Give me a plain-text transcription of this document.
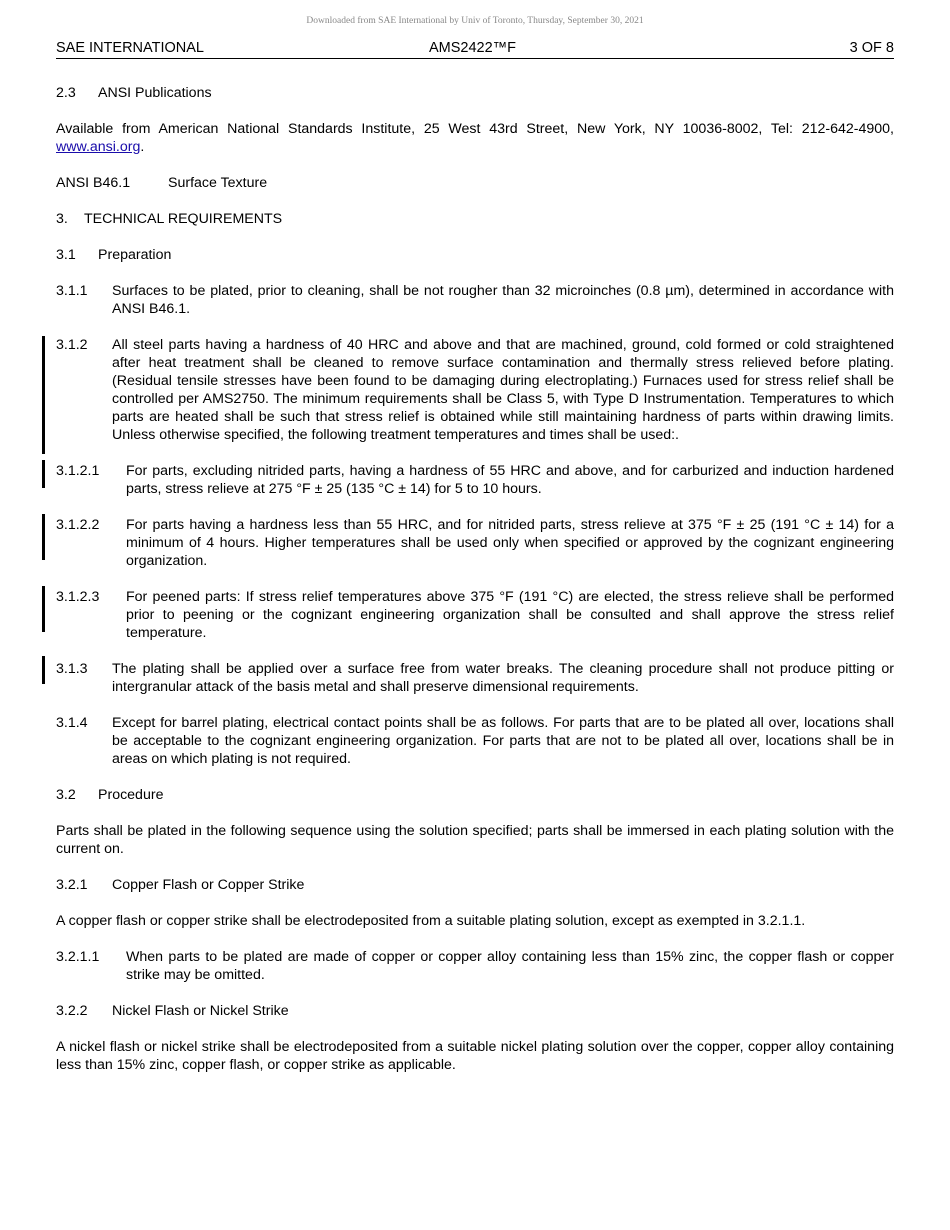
Downloaded from SAE International by Univ of Toronto, Thursday, September 30, 2021
SAE INTERNATIONAL	AMS2422™F	3 OF 8
2.3	ANSI Publications
Available from American National Standards Institute, 25 West 43rd Street, New York, NY 10036-8002, Tel: 212-642-4900, www.ansi.org.
ANSI B46.1	Surface Texture
3.	TECHNICAL REQUIREMENTS
3.1	Preparation
3.1.1	Surfaces to be plated, prior to cleaning, shall be not rougher than 32 microinches (0.8 µm), determined in accordance with ANSI B46.1.
3.1.2	All steel parts having a hardness of 40 HRC and above and that are machined, ground, cold formed or cold straightened after heat treatment shall be cleaned to remove surface contamination and thermally stress relieved before plating. (Residual tensile stresses have been found to be damaging during electroplating.) Furnaces used for stress relief shall be controlled per AMS2750. The minimum requirements shall be Class 5, with Type D Instrumentation. Temperatures to which parts are heated shall be such that stress relief is obtained while still maintaining hardness of parts within drawing limits. Unless otherwise specified, the following treatment temperatures and times shall be used:.
3.1.2.1	For parts, excluding nitrided parts, having a hardness of 55 HRC and above, and for carburized and induction hardened parts, stress relieve at 275 °F ± 25 (135 °C ± 14) for 5 to 10 hours.
3.1.2.2	For parts having a hardness less than 55 HRC, and for nitrided parts, stress relieve at 375 °F ± 25 (191 °C ± 14) for a minimum of 4 hours. Higher temperatures shall be used only when specified or approved by the cognizant engineering organization.
3.1.2.3	For peened parts: If stress relief temperatures above 375 °F (191 °C) are elected, the stress relieve shall be performed prior to peening or the cognizant engineering organization shall be consulted and shall approve the stress relief temperature.
3.1.3	The plating shall be applied over a surface free from water breaks. The cleaning procedure shall not produce pitting or intergranular attack of the basis metal and shall preserve dimensional requirements.
3.1.4	Except for barrel plating, electrical contact points shall be as follows. For parts that are to be plated all over, locations shall be acceptable to the cognizant engineering organization. For parts that are not to be plated all over, locations shall be in areas on which plating is not required.
3.2	Procedure
Parts shall be plated in the following sequence using the solution specified; parts shall be immersed in each plating solution with the current on.
3.2.1	Copper Flash or Copper Strike
A copper flash or copper strike shall be electrodeposited from a suitable plating solution, except as exempted in 3.2.1.1.
3.2.1.1	When parts to be plated are made of copper or copper alloy containing less than 15% zinc, the copper flash or copper strike may be omitted.
3.2.2	Nickel Flash or Nickel Strike
A nickel flash or nickel strike shall be electrodeposited from a suitable nickel plating solution over the copper, copper alloy containing less than 15% zinc, copper flash, or copper strike as applicable.
